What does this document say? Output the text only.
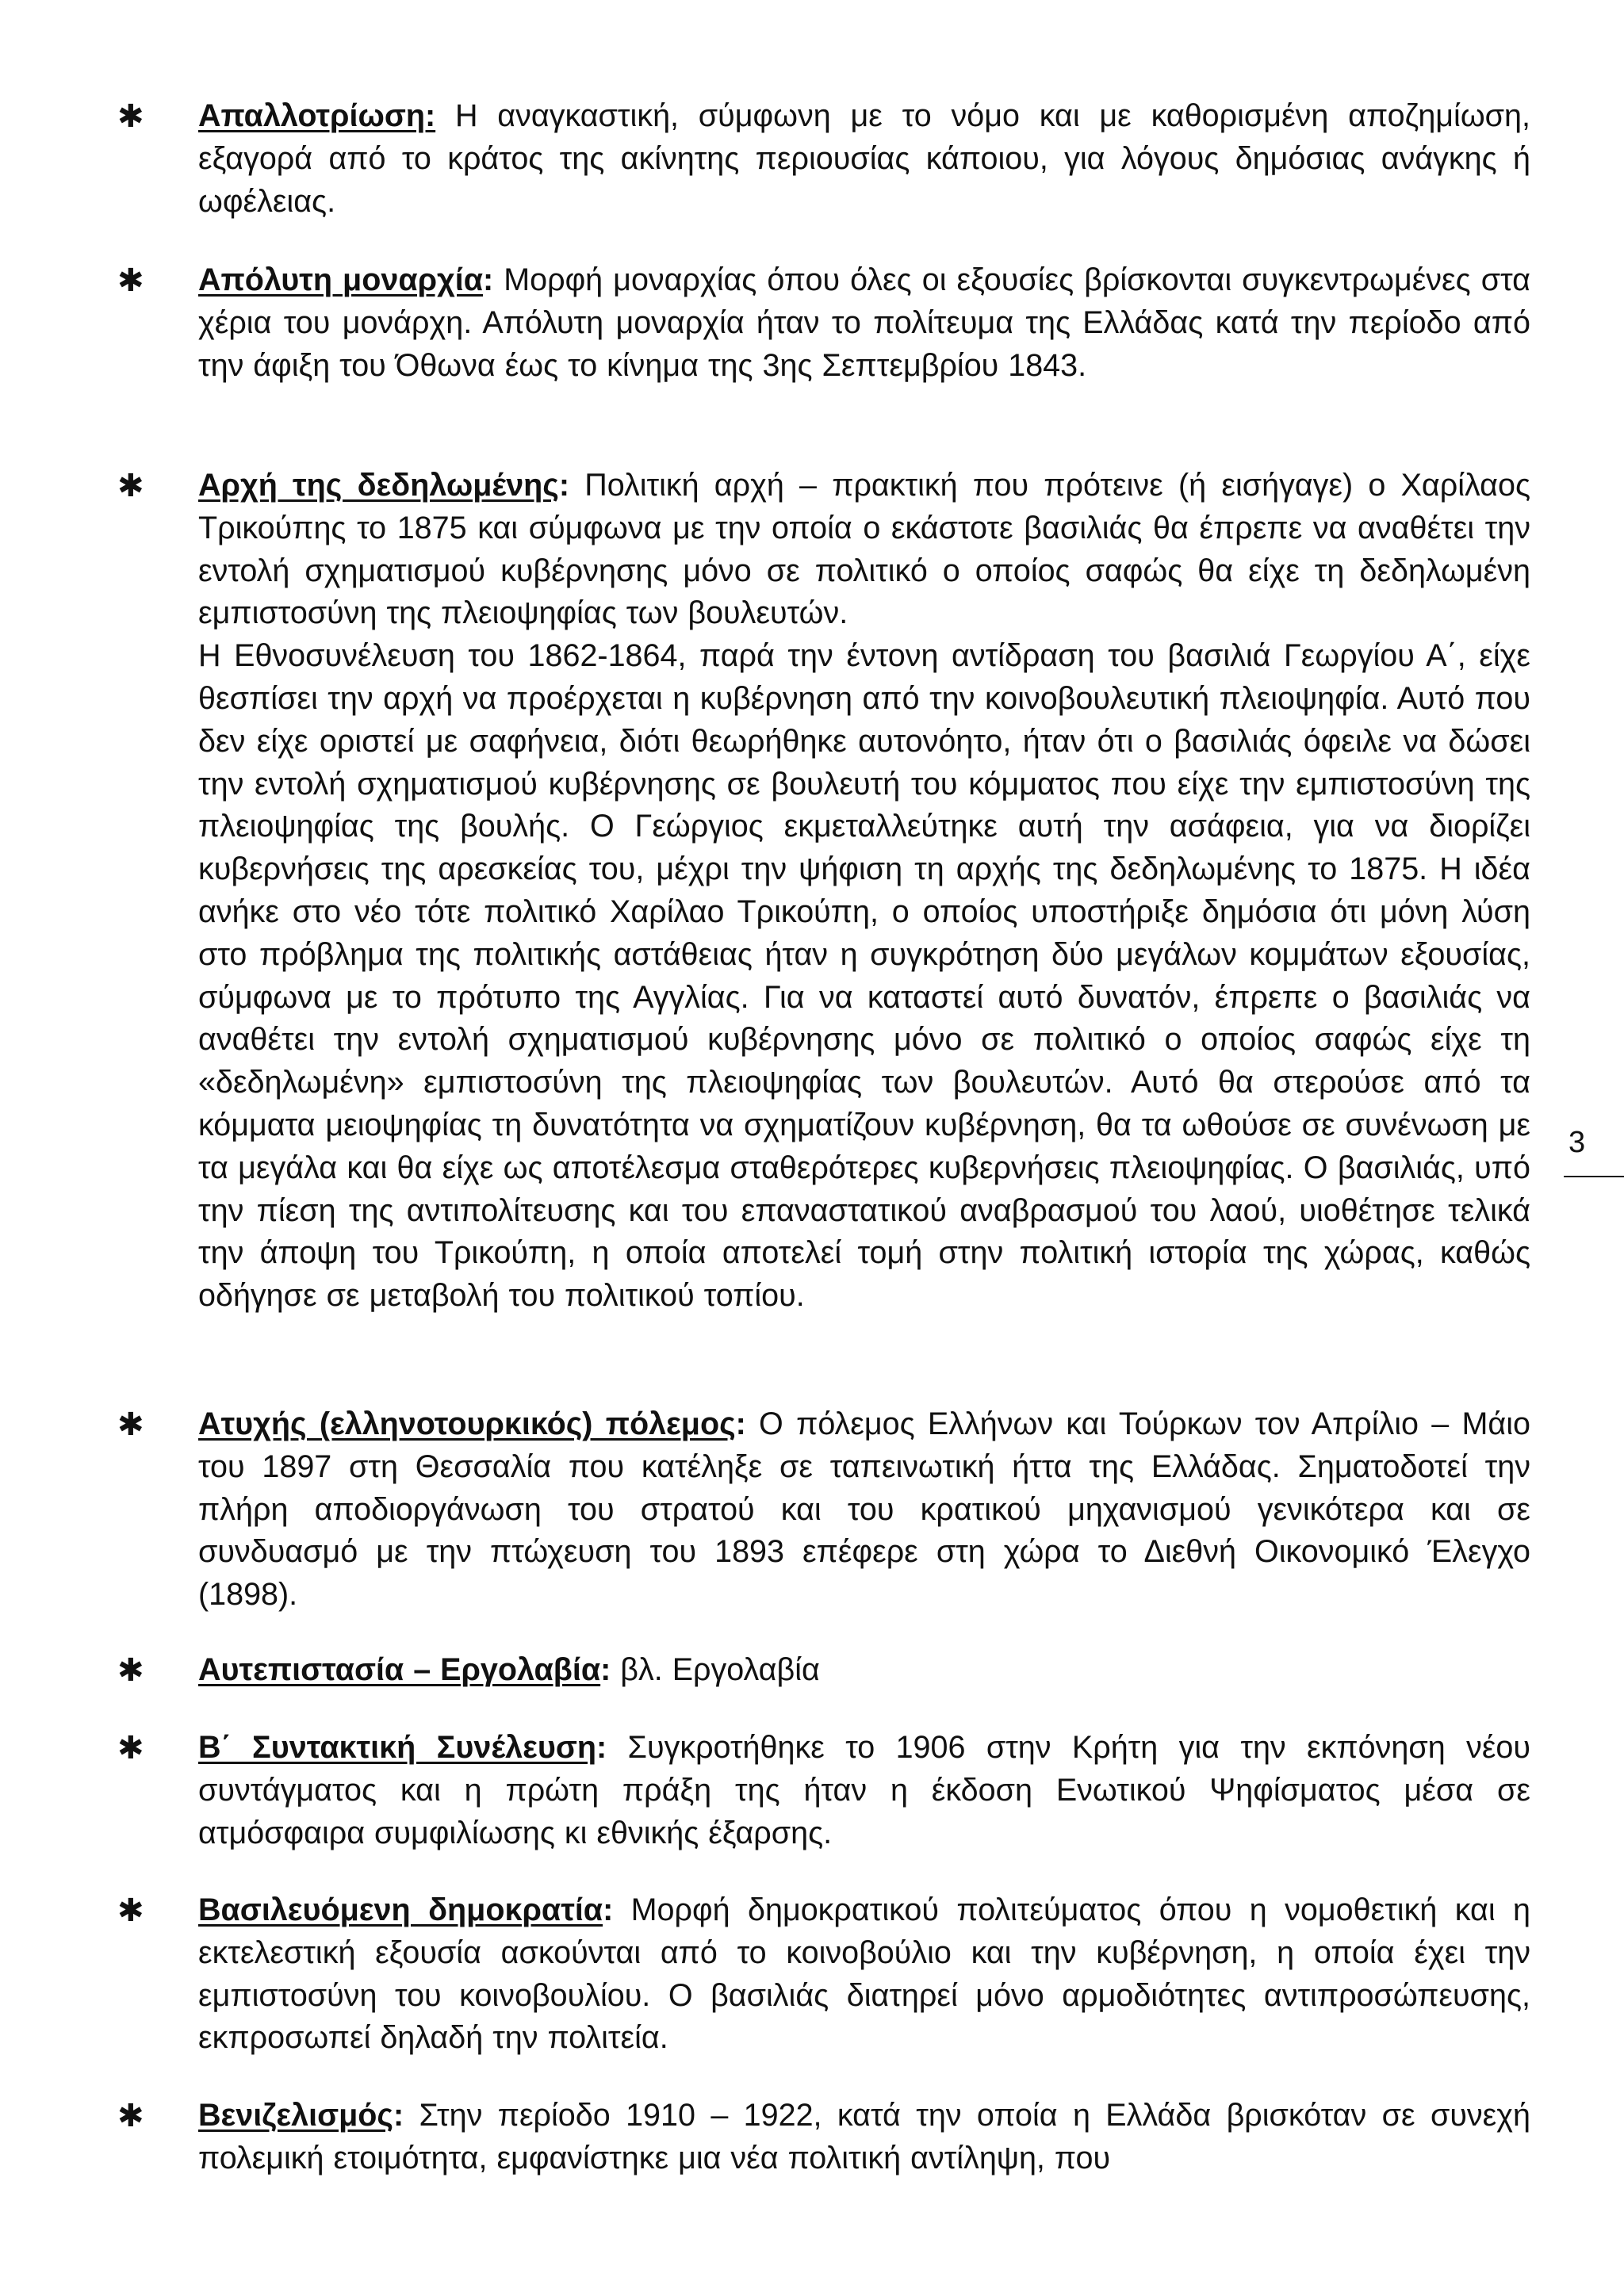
✱ Απαλλοτρίωση: Η αναγκαστική, σύμφωνη με το νόμο και με καθορισμένη αποζημίωση, εξαγορά από το κράτος της ακίνητης περιουσίας κάποιου, για λόγους δημόσιας ανάγκης ή ωφέλειας.

✱ Απόλυτη μοναρχία: Μορφή μοναρχίας όπου όλες οι εξουσίες βρίσκονται συγκεντρωμένες στα χέρια του μονάρχη. Απόλυτη μοναρχία ήταν το πολίτευμα της Ελλάδας κατά την περίοδο από την άφιξη του Όθωνα έως το κίνημα της 3ης Σεπτεμβρίου 1843.

✱ Αρχή της δεδηλωμένης: Πολιτική αρχή – πρακτική που πρότεινε (ή εισήγαγε) ο Χαρίλαος Τρικούπης το 1875 και σύμφωνα με την οποία ο εκάστοτε βασιλιάς θα έπρεπε να αναθέτει την εντολή σχηματισμού κυβέρνησης μόνο σε πολιτικό ο οποίος σαφώς θα είχε τη δεδηλωμένη εμπιστοσύνη της πλειοψηφίας των βουλευτών.

Η Εθνοσυνέλευση του 1862-1864, παρά την έντονη αντίδραση του βασιλιά Γεωργίου Α΄, είχε θεσπίσει την αρχή να προέρχεται η κυβέρνηση από την κοινοβουλευτική πλειοψηφία. Αυτό που δεν είχε οριστεί με σαφήνεια, διότι θεωρήθηκε αυτονόητο, ήταν ότι ο βασιλιάς όφειλε να δώσει την εντολή σχηματισμού κυβέρνησης σε βουλευτή του κόμματος που είχε την εμπιστοσύνη της πλειοψηφίας της βουλής. Ο Γεώργιος εκμεταλλεύτηκε αυτή την ασάφεια, για να διορίζει κυβερνήσεις της αρεσκείας του, μέχρι την ψήφιση τη αρχής της δεδηλωμένης το 1875. Η ιδέα ανήκε στο νέο τότε πολιτικό Χαρίλαο Τρικούπη, ο οποίος υποστήριξε δημόσια ότι μόνη λύση στο πρόβλημα της πολιτικής αστάθειας ήταν η συγκρότηση δύο μεγάλων κομμάτων εξουσίας, σύμφωνα με το πρότυπο της Αγγλίας. Για να καταστεί αυτό δυνατόν, έπρεπε ο βασιλιάς να αναθέτει την εντολή σχηματισμού κυβέρνησης μόνο σε πολιτικό ο οποίος σαφώς είχε τη «δεδηλωμένη» εμπιστοσύνη της πλειοψηφίας των βουλευτών. Αυτό θα στερούσε από τα κόμματα μειοψηφίας τη δυνατότητα να σχηματίζουν κυβέρνηση, θα τα ωθούσε σε συνένωση με τα μεγάλα και θα είχε ως αποτέλεσμα σταθερότερες κυβερνήσεις πλειοψηφίας. Ο βασιλιάς, υπό την πίεση της αντιπολίτευσης και του επαναστατικού αναβρασμού του λαού, υιοθέτησε τελικά την άποψη του Τρικούπη, η οποία αποτελεί τομή στην πολιτική ιστορία της χώρας, καθώς οδήγησε σε μεταβολή του πολιτικού τοπίου.

✱ Ατυχής (ελληνοτουρκικός) πόλεμος: Ο πόλεμος Ελλήνων και Τούρκων τον Απρίλιο – Μάιο του 1897 στη Θεσσαλία που κατέληξε σε ταπεινωτική ήττα της Ελλάδας. Σηματοδοτεί την πλήρη αποδιοργάνωση του στρατού και του κρατικού μηχανισμού γενικότερα και σε συνδυασμό με την πτώχευση του 1893 επέφερε στη χώρα το Διεθνή Οικονομικό Έλεγχο (1898).

✱ Αυτεπιστασία – Εργολαβία: βλ. Εργολαβία

✱ Β΄ Συντακτική Συνέλευση: Συγκροτήθηκε το 1906 στην Κρήτη για την εκπόνηση νέου συντάγματος και η πρώτη πράξη της ήταν η έκδοση Ενωτικού Ψηφίσματος μέσα σε ατμόσφαιρα συμφιλίωσης κι εθνικής έξαρσης.

✱ Βασιλευόμενη δημοκρατία: Μορφή δημοκρατικού πολιτεύματος όπου η νομοθετική και η εκτελεστική εξουσία ασκούνται από το κοινοβούλιο και την κυβέρνηση, η οποία έχει την εμπιστοσύνη του κοινοβουλίου. Ο βασιλιάς διατηρεί μόνο αρμοδιότητες αντιπροσώπευσης, εκπροσωπεί δηλαδή την πολιτεία.

✱ Βενιζελισμός: Στην περίοδο 1910 – 1922, κατά την οποία η Ελλάδα βρισκόταν σε συνεχή πολεμική ετοιμότητα, εμφανίστηκε μια νέα πολιτική αντίληψη, που

3
